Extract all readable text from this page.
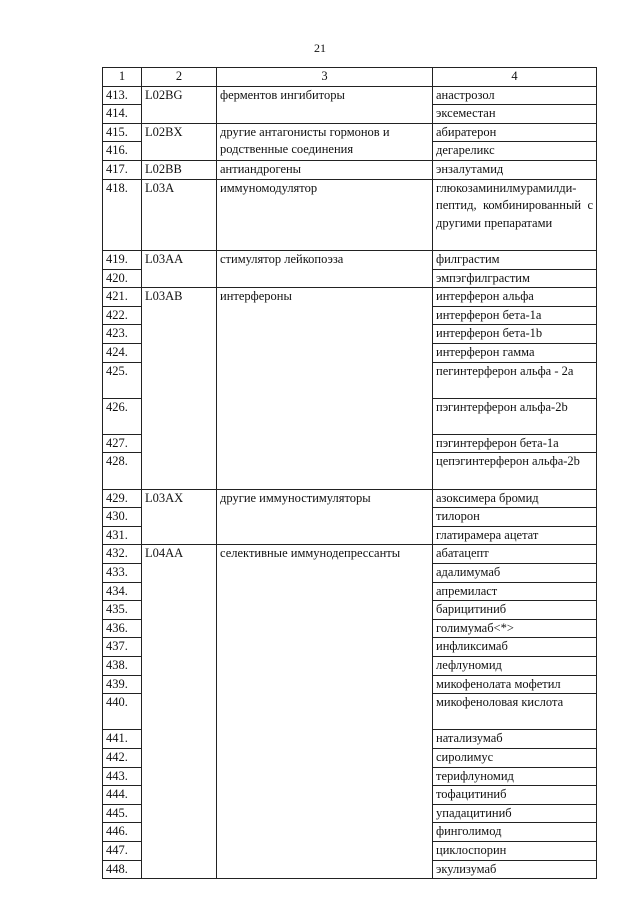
21
1	2	3	4
413.	L02BG	ферментов ингибиторы	анастрозол
414.			эксеместан
415.	L02BX	другие антагонисты гормонов и родственные соединения	абиратерон
416.			дегареликс
417.	L02BB	антиандрогены	энзалутамид
418.	L03A	иммуномодулятор	глюкозаминилмурамилди-пептид, комбинированный с другими препаратами
419.	L03AA	стимулятор лейкопоэза	филграстим
420.			эмпэгфилграстим
421.	L03AB	интерфероны	интерферон альфа
422.			интерферон бета-1a
423.			интерферон бета-1b
424.			интерферон гамма
425.			пегинтерферон альфа - 2a
426.			пэгинтерферон альфа-2b
427.			пэгинтерферон бета-1a
428.			цепэгинтерферон альфа-2b
429.	L03AX	другие иммуностимуляторы	азоксимера бромид
430.			тилорон
431.			глатирамера ацетат
432.	L04AA	селективные иммунодепрессанты	абатацепт
433.			адалимумаб
434.			апремиласт
435.			барицитиниб
436.			голимумаб<*>
437.			инфликсимаб
438.			лефлуномид
439.			микофенолата мофетил
440.			микофеноловая кислота
441.			натализумаб
442.			сиролимус
443.			терифлуномид
444.			тофацитиниб
445.			упадацитиниб
446.			финголимод
447.			циклоспорин
448.			экулизумаб
